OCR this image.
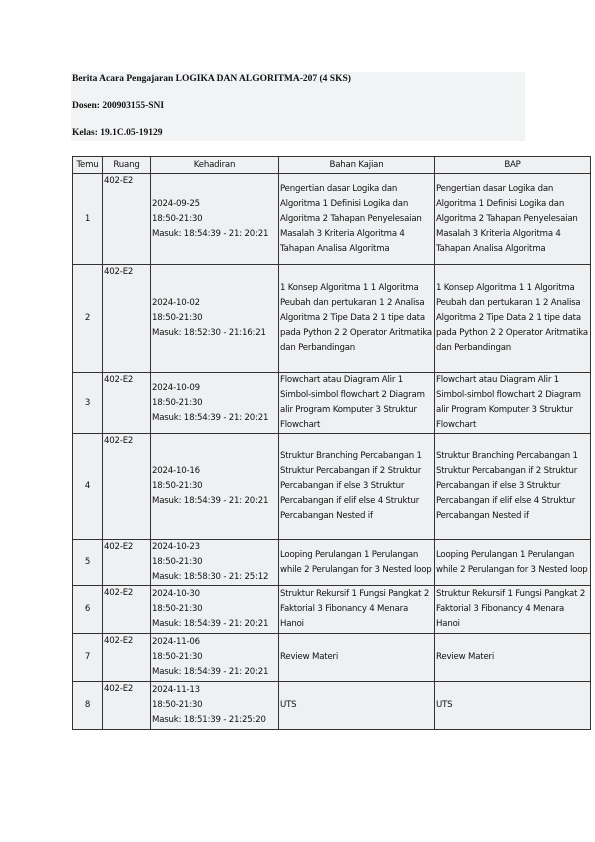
Berita Acara Pengajaran LOGIKA DAN ALGORITMA-207 (4 SKS)
Dosen: 200903155-SNI
Kelas: 19.1C.05-19129
Temu	Ruang	Kehadiran	Bahan Kajian	BAP
1	402-E2	2024-09-25
18:50-21:30
Masuk: 18:54:39 - 21: 20:21	Pengertian dasar Logika dan Algoritma 1 Definisi Logika dan Algoritma 2 Tahapan Penyelesaian Masalah 3 Kriteria Algoritma 4 Tahapan Analisa Algoritma	Pengertian dasar Logika dan Algoritma 1 Definisi Logika dan Algoritma 2 Tahapan Penyelesaian Masalah 3 Kriteria Algoritma 4 Tahapan Analisa Algoritma
2	402-E2	2024-10-02
18:50-21:30
Masuk: 18:52:30 - 21:16:21	1 Konsep Algoritma 1 1 Algoritma Peubah dan pertukaran 1 2 Analisa Algoritma 2 Tipe Data 2 1 tipe data pada Python 2 2 Operator Aritmatika dan Perbandingan	1 Konsep Algoritma 1 1 Algoritma Peubah dan pertukaran 1 2 Analisa Algoritma 2 Tipe Data 2 1 tipe data pada Python 2 2 Operator Aritmatika dan Perbandingan
3	402-E2	2024-10-09
18:50-21:30
Masuk: 18:54:39 - 21: 20:21	Flowchart atau Diagram Alir 1 Simbol-simbol flowchart 2 Diagram alir Program Komputer 3 Struktur Flowchart	Flowchart atau Diagram Alir 1 Simbol-simbol flowchart 2 Diagram alir Program Komputer 3 Struktur Flowchart
4	402-E2	2024-10-16
18:50-21:30
Masuk: 18:54:39 - 21: 20:21	Struktur Branching Percabangan 1 Struktur Percabangan if 2 Struktur Percabangan if else 3 Struktur Percabangan if elif else 4 Struktur Percabangan Nested if	Struktur Branching Percabangan 1 Struktur Percabangan if 2 Struktur Percabangan if else 3 Struktur Percabangan if elif else 4 Struktur Percabangan Nested if
5	402-E2	2024-10-23
18:50-21:30
Masuk: 18:58:30 - 21: 25:12	Looping Perulangan 1 Perulangan while 2 Perulangan for 3 Nested loop	Looping Perulangan 1 Perulangan while 2 Perulangan for 3 Nested loop
6	402-E2	2024-10-30
18:50-21:30
Masuk: 18:54:39 - 21: 20:21	Struktur Rekursif 1 Fungsi Pangkat 2 Faktorial 3 Fibonancy 4 Menara Hanoi	Struktur Rekursif 1 Fungsi Pangkat 2 Faktorial 3 Fibonancy 4 Menara Hanoi
7	402-E2	2024-11-06
18:50-21:30
Masuk: 18:54:39 - 21: 20:21	Review Materi	Review Materi
8	402-E2	2024-11-13
18:50-21:30
Masuk: 18:51:39 - 21:25:20	UTS	UTS
